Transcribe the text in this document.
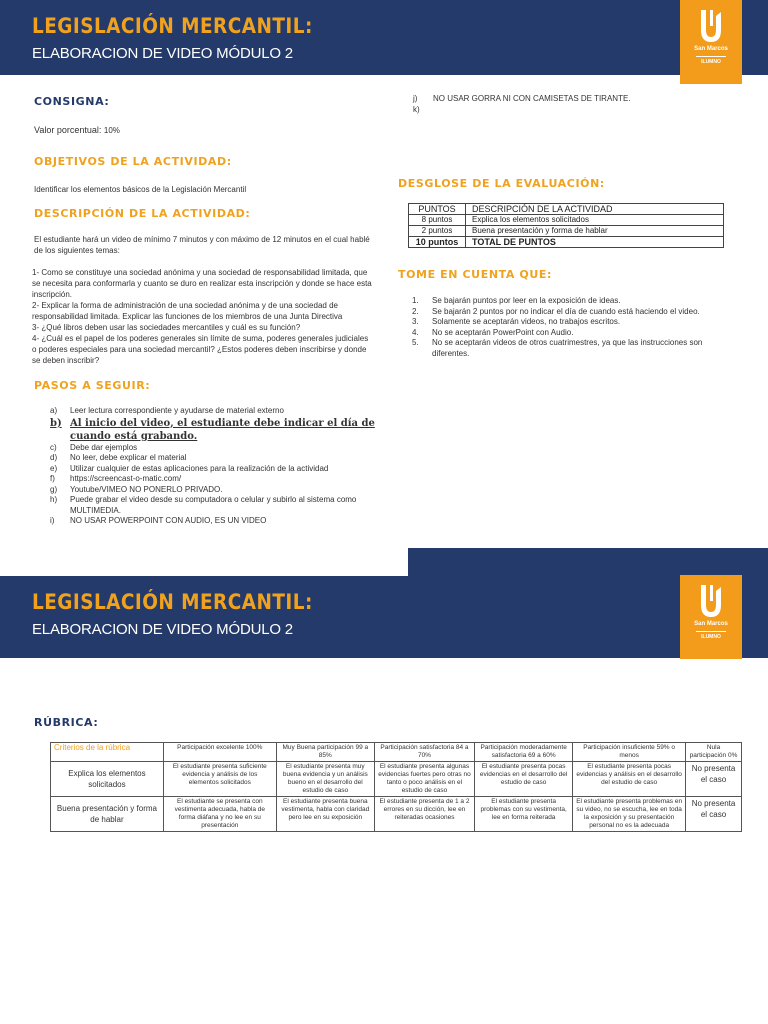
LEGISLACIÓN MERCANTIL:
ELABORACION DE VIDEO MÓDULO 2	San Marcos
ILUMNO
CONSIGNA:
Valor porcentual: 10%
OBJETIVOS DE LA ACTIVIDAD:
Identificar los elementos básicos de la Legislación Mercantil
DESCRIPCIÓN DE LA ACTIVIDAD:
El estudiante hará un video de mínimo 7 minutos y con máximo de 12 minutos en el cual hablé de los siguientes temas:
1- Como se constituye una sociedad anónima y una sociedad de responsabilidad limitada, que se necesita para conformarla y cuanto se duro en realizar esta inscripción y donde se hace esta inscripción.
2- Explicar la forma de administración de una sociedad anónima y de una sociedad de responsabilidad limitada. Explicar las funciones de los miembros de una Junta Directiva
3- ¿Qué libros deben usar las sociedades mercantiles y cuál es su función?
4- ¿Cuál es el papel de los poderes generales sin límite de suma, poderes generales judiciales o poderes especiales para una sociedad mercantil? ¿Estos poderes deben inscribirse y donde se deben inscribir?
PASOS A SEGUIR:
a)	Leer lectura correspondiente y ayudarse de material externo
b) Al inicio del video, el estudiante debe indicar el día de cuando está grabando.
c)	Debe dar ejemplos
d)	No leer, debe explicar el material
e)	Utilizar cualquier de estas aplicaciones para la realización de la actividad
f)	https://screencast-o-matic.com/
g)	Youtube/VIMEO NO PONERLO PRIVADO.
h)	Puede grabar el video desde su computadora o celular y subirlo al sistema como MULTIMEDIA.
i)	NO USAR POWERPOINT CON AUDIO, ES UN VIDEO
j)	NO USAR GORRA NI CON CAMISETAS DE TIRANTE.
k)
DESGLOSE DE LA EVALUACIÓN:
PUNTOS	DESCRIPCIÓN DE LA ACTIVIDAD
8 puntos	Explica los elementos solicitados
2 puntos	Buena presentación y forma de hablar
10 puntos	TOTAL DE PUNTOS
TOME EN CUENTA QUE:
1.	Se bajarán puntos por leer en la exposición de ideas.
2.	Se bajarán 2 puntos por no indicar el día de cuando está haciendo el video.
3.	Solamente se aceptarán videos, no trabajos escritos.
4.	No se aceptarán PowerPoint con Audio.
5.	No se aceptarán videos de otros cuatrimestres, ya que las instrucciones son diferentes.
LEGISLACIÓN MERCANTIL:
ELABORACION DE VIDEO MÓDULO 2	San Marcos
ILUMNO
RÚBRICA:
Criterios de la rúbrica	Participación excelente 100%	Muy Buena participación 99 a 85%	Participación satisfactoria 84 a 70%	Participación moderadamente satisfactoria 69 a 60%	Participación insuficiente 59% o menos	Nula participación 0%
Explica los elementos solicitados	El estudiante presenta suficiente evidencia y análisis de los elementos solicitados	El estudiante presenta muy buena evidencia y un análisis bueno en el desarrollo del estudio de caso	El estudiante presenta algunas evidencias fuertes pero otras no tanto o poco análisis en el estudio de caso	El estudiante presenta pocas evidencias en el desarrollo del estudio de caso	El estudiante presenta pocas evidencias y análisis en el desarrollo del estudio de caso	No presenta el caso
Buena presentación y forma de hablar	El estudiante se presenta con vestimenta adecuada, habla de forma diáfana y no lee en su presentación	El estudiante presenta buena vestimenta, habla con claridad pero lee en su exposición	El estudiante presenta de 1 a 2 errores en su dicción, lee en reiteradas ocasiones	El estudiante presenta problemas con su vestimenta, lee en forma reiterada	El estudiante presenta problemas en su video, no se escucha, lee en toda la exposición y su presentación personal no es la adecuada	No presenta el caso
